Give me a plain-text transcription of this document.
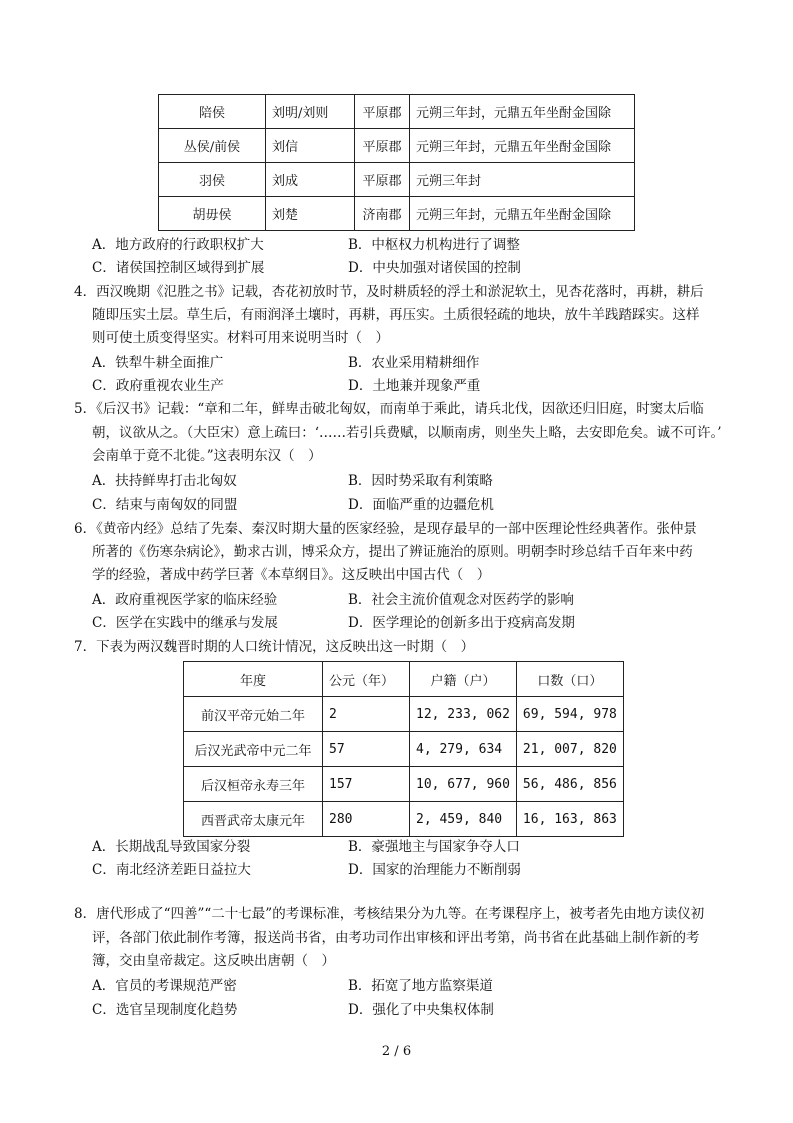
陪侯	刘明/刘则	平原郡	元朔三年封，元鼎五年坐酎金国除
丛侯/前侯	刘信	平原郡	元朔三年封，元鼎五年坐酎金国除
羽侯	刘成	平原郡	元朔三年封
胡毋侯	刘楚	济南郡	元朔三年封，元鼎五年坐酎金国除
A．地方政府的行政职权扩大	B．中枢权力机构进行了调整
C．诸侯国控制区域得到扩展	D．中央加强对诸侯国的控制
4．西汉晚期《氾胜之书》记载，杏花初放时节，及时耕质轻的浮土和淤泥软土，见杏花落时，再耕，耕后
随即压实土层。草生后，有雨润泽土壤时，再耕，再压实。土质很轻疏的地块，放牛羊践踏踩实。这样
则可使土质变得坚实。材料可用来说明当时（　）
A．铁犁牛耕全面推广	B．农业采用精耕细作
C．政府重视农业生产	D．土地兼并现象严重
5．《后汉书》记载：“章和二年，鲜卑击破北匈奴，而南单于乘此，请兵北伐，因欲还归旧庭，时窦太后临
朝，议欲从之。（大臣宋）意上疏曰：‘……若引兵费赋，以顺南虏，则坐失上略，去安即危矣。诚不可许。’
会南单于竟不北徙。”这表明东汉（　）
A．扶持鲜卑打击北匈奴	B．因时势采取有利策略
C．结束与南匈奴的同盟	D．面临严重的边疆危机
6．《黄帝内经》总结了先秦、秦汉时期大量的医家经验，是现存最早的一部中医理论性经典著作。张仲景
所著的《伤寒杂病论》，勤求古训，博采众方，提出了辨证施治的原则。明朝李时珍总结千百年来中药
学的经验，著成中药学巨著《本草纲目》。这反映出中国古代（　）
A．政府重视医学家的临床经验	B．社会主流价值观念对医药学的影响
C．医学在实践中的继承与发展	D．医学理论的创新多出于疫病高发期
7．下表为两汉魏晋时期的人口统计情况，这反映出这一时期（　）
年度	公元（年）	户籍（户）	口数（口）
前汉平帝元始二年	2	12, 233, 062	69, 594, 978
后汉光武帝中元二年	57	4, 279, 634	21, 007, 820
后汉桓帝永寿三年	157	10, 677, 960	56, 486, 856
西晋武帝太康元年	280	2, 459, 840	16, 163, 863
A．长期战乱导致国家分裂	B．豪强地主与国家争夺人口
C．南北经济差距日益拉大	D．国家的治理能力不断削弱
8．唐代形成了“四善”“二十七最”的考课标准，考核结果分为九等。在考课程序上，被考者先由地方读仪初
评，各部门依此制作考簿，报送尚书省，由考功司作出审核和评出考第，尚书省在此基础上制作新的考
簿，交由皇帝裁定。这反映出唐朝（　）
A．官员的考课规范严密	B．拓宽了地方监察渠道
C．选官呈现制度化趋势	D．强化了中央集权体制
2 / 6
